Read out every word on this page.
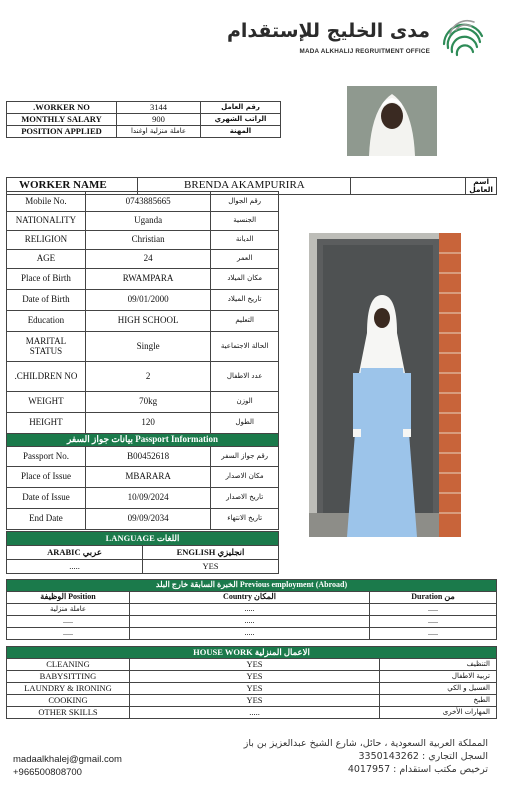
مدى الخليج للإستقدام
MADA ALKHALIJ REGRUITMENT OFFICE
.WORKER NO	3144	رقم العامل
MONTHLY SALARY	900	الراتب الشهري
POSITION APPLIED	عاملة منزلية اوغندا	المهنة
WORKER NAME	BRENDA AKAMPURIRA		اسم العامل
Mobile No.	0743885665	رقم الجوال
NATIONALITY	Uganda	الجنسية
RELIGION	Christian	الديانة
AGE	24	العمر
Place of Birth	RWAMPARA	مكان الميلاد
Date of Birth	09/01/2000	تاريخ الميلاد
Education	HIGH SCHOOL	التعليم
MARITAL STATUS	Single	الحالة الاجتماعية
.CHILDREN NO	2	عدد الاطفال
WEIGHT	70kg	الوزن
HEIGHT	120	الطول
بيانات جواز السفر Passport Information		
Passport No.	B00452618	رقم جواز السفر
Place of Issue	MBARARA	مكان الاصدار
Date of Issue	10/09/2024	تاريخ الاصدار
End Date	09/09/2034	تاريخ الانتهاء
LANGUAGE اللغات	
ARABIC عربي	ENGLISH انجليزي
.....	YES
الخبرة السابقة خارج البلد Previous employment (Abroad)		
الوظيفة Position	Country المكان	Duration من
عاملة منزلية	.....	.....
.....	.....	.....
.....	.....	.....
HOUSE WORK الاعمال المنزلية		
CLEANING	YES	التنظيف
BABYSITTING	YES	تربية الاطفال
LAUNDRY & IRONING	YES	الغسيل و الكي
COOKING	YES	الطبخ
OTHER SKILLS	.....	المهارات الأخرى
madaalkhalej@gmail.com
+966500808700
المملكة العربية السعودية ، حائل، شارع الشيخ عبدالعزيز بن باز
السجل التجاري : 3350143262
ترخيص مكتب استقدام : 4017957
